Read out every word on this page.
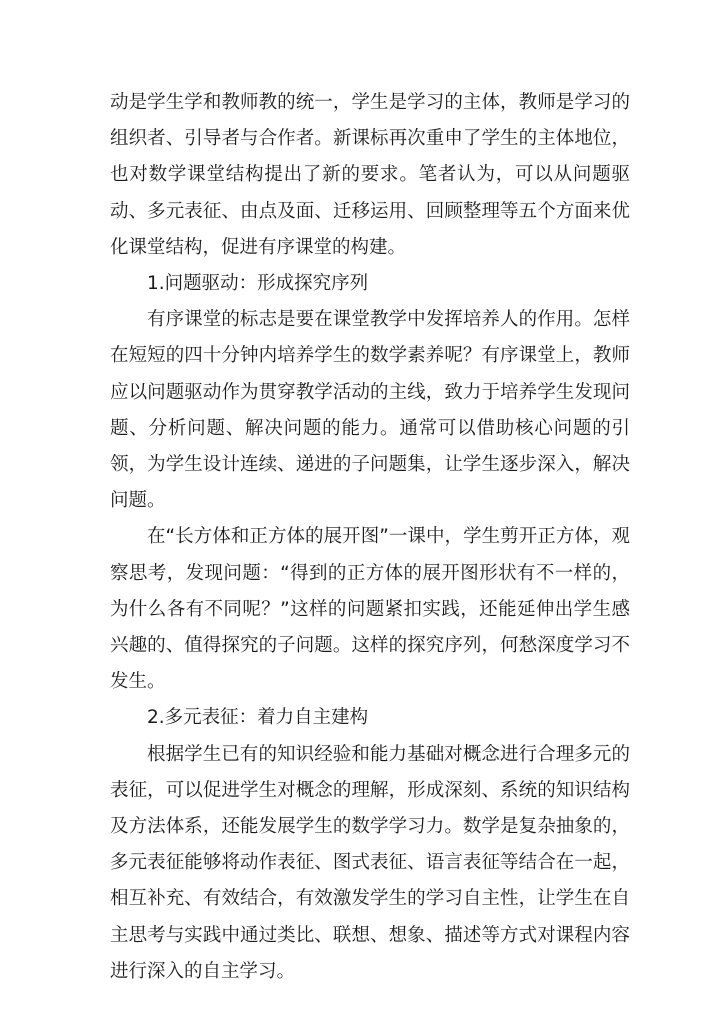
动是学生学和教师教的统一，学生是学习的主体，教师是学习的组织者、引导者与合作者。新课标再次重申了学生的主体地位，也对数学课堂结构提出了新的要求。笔者认为，可以从问题驱动、多元表征、由点及面、迁移运用、回顾整理等五个方面来优化课堂结构，促进有序课堂的构建。

1.问题驱动：形成探究序列

有序课堂的标志是要在课堂教学中发挥培养人的作用。怎样在短短的四十分钟内培养学生的数学素养呢？有序课堂上，教师应以问题驱动作为贯穿教学活动的主线，致力于培养学生发现问题、分析问题、解决问题的能力。通常可以借助核心问题的引领，为学生设计连续、递进的子问题集，让学生逐步深入，解决问题。

在“长方体和正方体的展开图”一课中，学生剪开正方体，观察思考，发现问题：“得到的正方体的展开图形状有不一样的，为什么各有不同呢？”这样的问题紧扣实践，还能延伸出学生感兴趣的、值得探究的子问题。这样的探究序列，何愁深度学习不发生。

2.多元表征：着力自主建构

根据学生已有的知识经验和能力基础对概念进行合理多元的表征，可以促进学生对概念的理解，形成深刻、系统的知识结构及方法体系，还能发展学生的数学学习力。数学是复杂抽象的，多元表征能够将动作表征、图式表征、语言表征等结合在一起，相互补充、有效结合，有效激发学生的学习自主性，让学生在自主思考与实践中通过类比、联想、想象、描述等方式对课程内容进行深入的自主学习。
